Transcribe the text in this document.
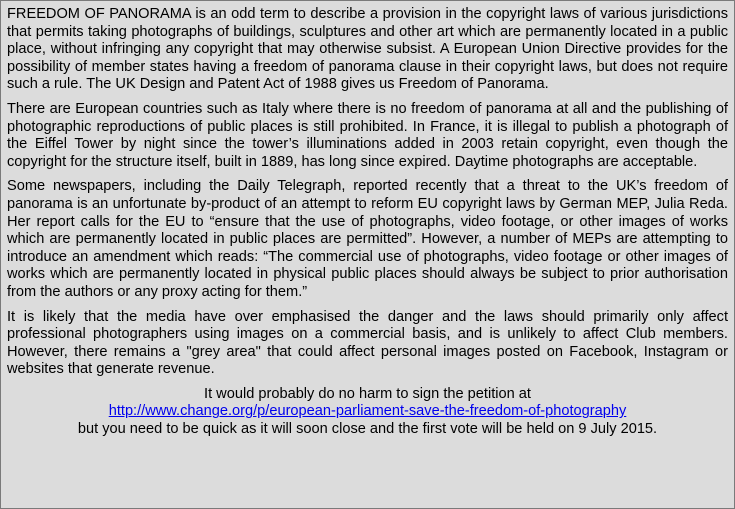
FREEDOM OF PANORAMA is an odd term to describe a provision in the copyright laws of various jurisdictions that permits taking photographs of buildings, sculptures and other art which are permanently located in a public place, without infringing any copyright that may otherwise subsist. A European Union Directive provides for the possibility of member states having a freedom of panorama clause in their copyright laws, but does not require such a rule. The UK Design and Patent Act of 1988 gives us Freedom of Panorama.

There are European countries such as Italy where there is no freedom of panorama at all and the publishing of photographic reproductions of public places is still prohibited. In France, it is illegal to publish a photograph of the Eiffel Tower by night since the tower’s illuminations added in 2003 retain copyright, even though the copyright for the structure itself, built in 1889, has long since expired. Daytime photographs are acceptable.

Some newspapers, including the Daily Telegraph, reported recently that a threat to the UK’s freedom of panorama is an unfortunate by-product of an attempt to reform EU copyright laws by German MEP, Julia Reda. Her report calls for the EU to “ensure that the use of photographs, video footage, or other images of works which are permanently located in public places are permitted”. However, a number of MEPs are attempting to introduce an amendment which reads: “The commercial use of photographs, video footage or other images of works which are permanently located in physical public places should always be subject to prior authorisation from the authors or any proxy acting for them.”

It is likely that the media have over emphasised the danger and the laws should primarily only affect professional photographers using images on a commercial basis, and is unlikely to affect Club members. However, there remains a "grey area" that could affect personal images posted on Facebook, Instagram or websites that generate revenue.

It would probably do no harm to sign the petition at
http://www.change.org/p/european-parliament-save-the-freedom-of-photography
but you need to be quick as it will soon close and the first vote will be held on 9 July 2015.
